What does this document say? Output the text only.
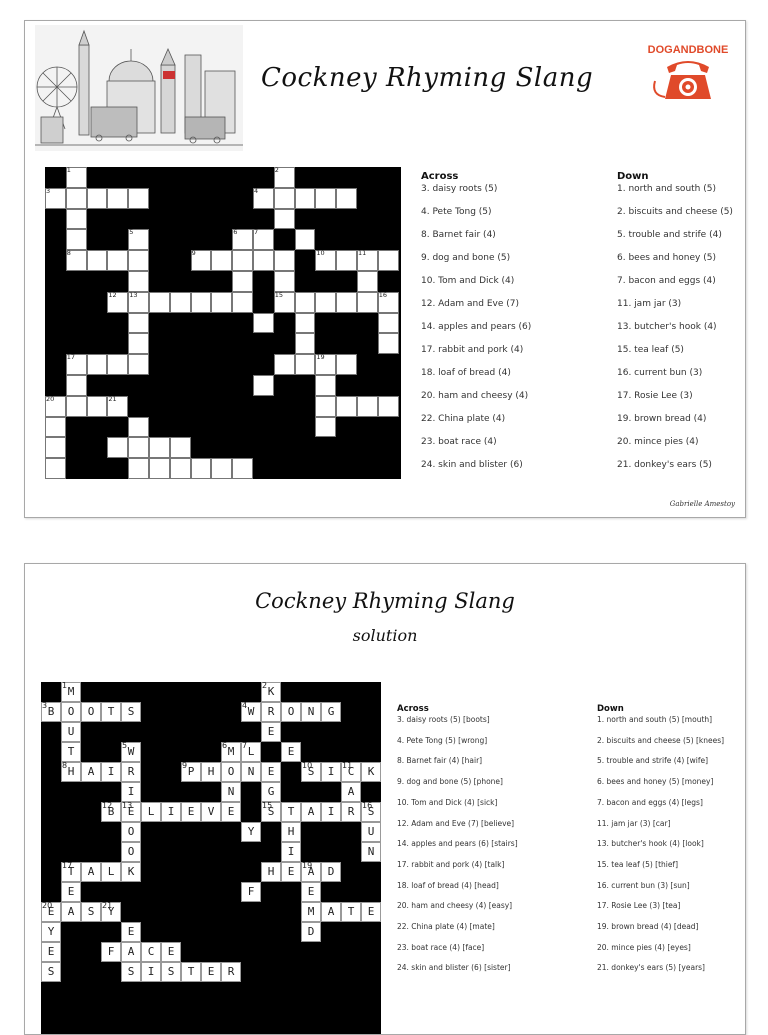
Cockney Rhyming Slang
DOGANDBONE
1	2
3	4
5	6	7
8	9	10	11
12 13	15	16
17	19
20	21
Across
3. daisy roots (5)
4. Pete Tong (5)
8. Barnet fair (4)
9. dog and bone (5)
10. Tom and Dick (4)
12. Adam and Eve (7)
14. apples and pears (6)
17. rabbit and pork (4)
18. loaf of bread (4)
20. ham and cheesy (4)
22. China plate (4)
23. boat race (4)
24. skin and blister (6)
Down
1. north and south (5)
2. biscuits and cheese (5)
5. trouble and strife (4)
6. bees and honey (5)
7. bacon and eggs (4)
11. jam jar (3)
13. butcher's hook (4)
15. tea leaf (5)
16. current bun (3)
17. Rosie Lee (3)
19. brown bread (4)
20. mince pies (4)
21. donkey's ears (5)
Gabrielle Amestoy
Cockney Rhyming Slang
solution
1 M	2 K
3 B	O	O	T	S	4 W	R	O	N	G
U	E
T	5 W	6 M 7 L	E
8 H	A	I	R	9 P	H	O	N	E	10
S	I 11
C	K
I	N	G	A
12
B 13
E	L	I	E	V	E	15
S	T	A	I	R 16
S
O	Y	H	U
O	I	N
17
T	A	L	K	H	E 19
A	D
E	F	E
20
E	A	S 21
Y	M	A	T	E
Y	E	D
E	F	A	C	E
S	S	I	S	T	E	R
Across
3. daisy roots (5) [boots]
4. Pete Tong (5) [wrong]
8. Barnet fair (4) [hair]
9. dog and bone (5) [phone]
10. Tom and Dick (4) [sick]
12. Adam and Eve (7) [believe]
14. apples and pears (6) [stairs]
17. rabbit and pork (4) [talk]
18. loaf of bread (4) [head]
20. ham and cheesy (4) [easy]
22. China plate (4) [mate]
23. boat race (4) [face]
24. skin and blister (6) [sister]
Down
1. north and south (5) [mouth]
2. biscuits and cheese (5) [knees]
5. trouble and strife (4) [wife]
6. bees and honey (5) [money]
7. bacon and eggs (4) [legs]
11. jam jar (3) [car]
13. butcher's hook (4) [look]
15. tea leaf (5) [thief]
16. current bun (3) [sun]
17. Rosie Lee (3) [tea]
19. brown bread (4) [dead]
20. mince pies (4) [eyes]
21. donkey's ears (5) [years]
